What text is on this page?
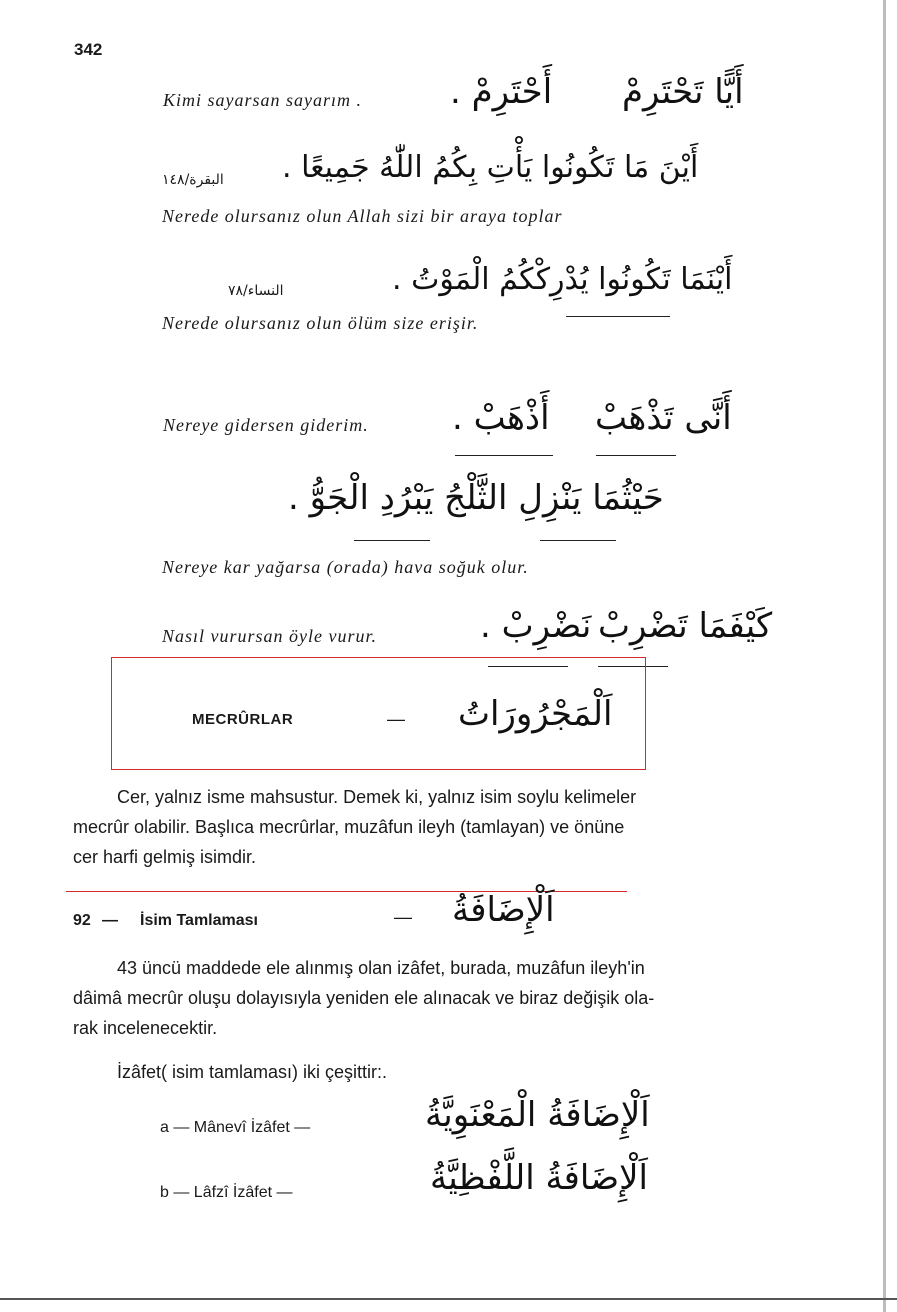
342
Kimi sayarsan sayarım .	أَحْتَرِمْ . أَيًّا تَحْتَرِمْ
البقرة/١٤٨ أَيْنَ مَا تَكُونُوا يَأْتِ بِكُمُ اللّٰهُ جَمِيعًا .
Nerede olursanız olun Allah sizi bir araya toplar
النساء/٧٨	أَيْنَمَا تَكُونُوا يُدْرِكْكُمُ الْمَوْتُ .
Nerede olursanız olun ölüm size erişir.
Nereye gidersen giderim. أَذْهَبْ . أَنَّى تَذْهَبْ
حَيْثُمَا يَنْزِلِ الثَّلْجُ يَبْرُدِ الْجَوُّ .
Nereye kar yağarsa (orada) hava soğuk olur.
Nasıl vurursan öyle vurur.	نَضْرِبْ . كَيْفَمَا تَضْرِبْ
MECRÛRLAR	— اَلْمَجْرُورَاتُ
Cer, yalnız isme mahsustur. Demek ki, yalnız isim soylu kelimeler
mecrûr olabilir. Başlıca mecrûrlar, muzâfun ileyh (tamlayan) ve önüne
cer harfi gelmiş isimdir.
92 — İsim Tamlaması	— اَلْإِضَافَةُ
43 üncü maddede ele alınmış olan izâfet, burada, muzâfun ileyh'in
dâimâ mecrûr oluşu dolayısıyla yeniden ele alınacak ve biraz değişik ola-
rak incelenecektir.
İzâfet( isim tamlaması) iki çeşittir:.
a — Mânevî İzâfet —	اَلْإِضَافَةُ الْمَعْنَوِيَّةُ
b — Lâfzî İzâfet —	اَلْإِضَافَةُ اللَّفْظِيَّةُ
